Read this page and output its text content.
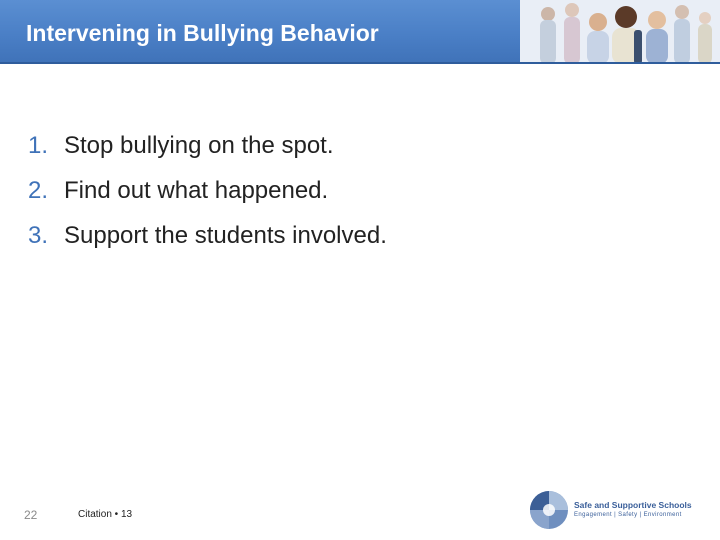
Intervening in Bullying Behavior
1. Stop bullying on the spot.
2. Find out what happened.
3. Support the students involved.
22	Citation • 13
Safe and Supportive Schools
Engagement | Safety | Environment
